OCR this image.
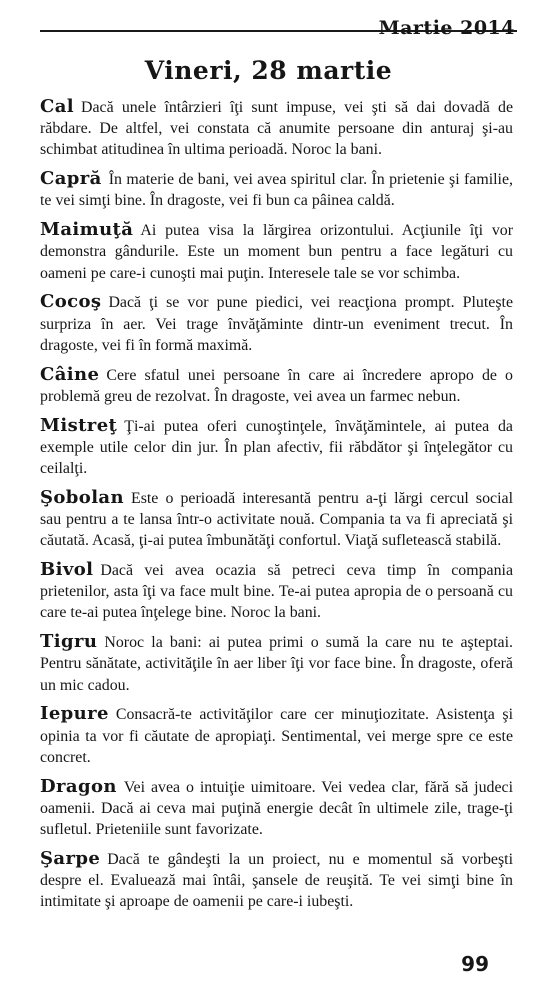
Martie 2014
Vineri, 28 martie

Cal Dacă unele întârzieri îţi sunt impuse, vei şti să dai dovadă de răbdare. De altfel, vei constata că anumite persoane din anturaj şi-au schimbat atitudinea în ultima perioadă. Noroc la bani.

Capră În materie de bani, vei avea spiritul clar. În prietenie şi familie, te vei simţi bine. În dragoste, vei fi bun ca pâinea caldă.

Maimuţă Ai putea visa la lărgirea orizontului. Acţiunile îţi vor demonstra gândurile. Este un moment bun pentru a face legături cu oameni pe care-i cunoşti mai puţin. Interesele tale se vor schimba.

Cocoş Dacă ţi se vor pune piedici, vei reacţiona prompt. Pluteşte surpriza în aer. Vei trage învăţăminte dintr-un eveniment trecut. În dragoste, vei fi în formă maximă.

Câine Cere sfatul unei persoane în care ai încredere apropo de o problemă greu de rezolvat. În dragoste, vei avea un farmec nebun.

Mistreţ Ţi-ai putea oferi cunoştinţele, învăţămintele, ai putea da exemple utile celor din jur. În plan afectiv, fii răbdător şi înţelegător cu ceilalţi.

Şobolan Este o perioadă interesantă pentru a-ţi lărgi cercul social sau pentru a te lansa într-o activitate nouă. Compania ta va fi apreciată şi căutată. Acasă, ţi-ai putea îmbunătăţi confortul. Viaţă sufletească stabilă.

Bivol Dacă vei avea ocazia să petreci ceva timp în compania prietenilor, asta îţi va face mult bine. Te-ai putea apropia de o persoană cu care te-ai putea înţelege bine. Noroc la bani.

Tigru Noroc la bani: ai putea primi o sumă la care nu te aşteptai. Pentru sănătate, activităţile în aer liber îţi vor face bine. În dragoste, oferă un mic cadou.

Iepure Consacră-te activităţilor care cer minuţiozitate. Asistenţa şi opinia ta vor fi căutate de apropiaţi. Sentimental, vei merge spre ce este concret.

Dragon Vei avea o intuiţie uimitoare. Vei vedea clar, fără să judeci oamenii. Dacă ai ceva mai puţină energie decât în ultimele zile, trage-ţi sufletul. Prieteniile sunt favorizate.

Şarpe Dacă te gândeşti la un proiect, nu e momentul să vorbeşti despre el. Evaluează mai întâi, şansele de reuşită. Te vei simţi bine în intimitate şi aproape de oamenii pe care-i iubeşti.

99
